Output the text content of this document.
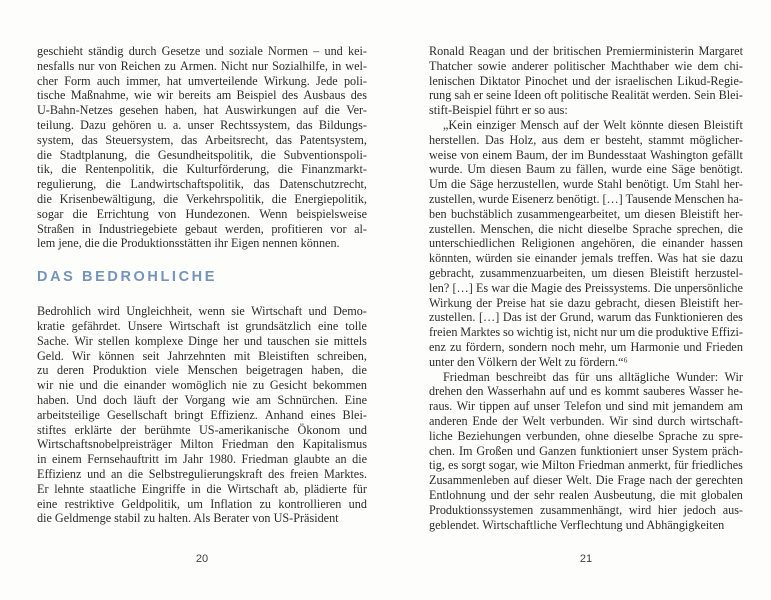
geschieht ständig durch Gesetze und soziale Normen – und kei-
nesfalls nur von Reichen zu Armen. Nicht nur Sozialhilfe, in wel-
cher Form auch immer, hat umverteilende Wirkung. Jede poli-
tische Maßnahme, wie wir bereits am Beispiel des Ausbaus des
U-Bahn-Netzes gesehen haben, hat Auswirkungen auf die Ver-
teilung. Dazu gehören u. a. unser Rechtssystem, das Bildungs-
system, das Steuersystem, das Arbeitsrecht, das Patentsystem,
die Stadtplanung, die Gesundheitspolitik, die Subventionspoli-
tik, die Rentenpolitik, die Kulturförderung, die Finanzmarkt-
regulierung, die Landwirtschaftspolitik, das Datenschutzrecht,
die Krisenbewältigung, die Verkehrspolitik, die Energiepolitik,
sogar die Errichtung von Hundezonen. Wenn beispielsweise
Straßen in Industriegebiete gebaut werden, profitieren vor al-
lem jene, die die Produktionsstätten ihr Eigen nennen können.
DAS BEDROHLICHE
Bedrohlich wird Ungleichheit, wenn sie Wirtschaft und Demo-
kratie gefährdet. Unsere Wirtschaft ist grundsätzlich eine tolle
Sache. Wir stellen komplexe Dinge her und tauschen sie mittels
Geld. Wir können seit Jahrzehnten mit Bleistiften schreiben,
zu deren Produktion viele Menschen beigetragen haben, die
wir nie und die einander womöglich nie zu Gesicht bekommen
haben. Und doch läuft der Vorgang wie am Schnürchen. Eine
arbeitsteilige Gesellschaft bringt Effizienz. Anhand eines Blei-
stiftes erklärte der berühmte US-amerikanische Ökonom und
Wirtschaftsnobelpreisträger Milton Friedman den Kapitalismus
in einem Fernsehauftritt im Jahr 1980. Friedman glaubte an die
Effizienz und an die Selbstregulierungskraft des freien Marktes.
Er lehnte staatliche Eingriffe in die Wirtschaft ab, plädierte für
eine restriktive Geldpolitik, um Inflation zu kontrollieren und
die Geldmenge stabil zu halten. Als Berater von US-Präsident
20
Ronald Reagan und der britischen Premierministerin Margaret
Thatcher sowie anderer politischer Machthaber wie dem chi-
lenischen Diktator Pinochet und der israelischen Likud-Regie-
rung sah er seine Ideen oft politische Realität werden. Sein Blei-
stift-Beispiel führt er so aus:
„Kein einziger Mensch auf der Welt könnte diesen Bleistift
herstellen. Das Holz, aus dem er besteht, stammt möglicher-
weise von einem Baum, der im Bundesstaat Washington gefällt
wurde. Um diesen Baum zu fällen, wurde eine Säge benötigt.
Um die Säge herzustellen, wurde Stahl benötigt. Um Stahl her-
zustellen, wurde Eisenerz benötigt. […] Tausende Menschen ha-
ben buchstäblich zusammengearbeitet, um diesen Bleistift her-
zustellen. Menschen, die nicht dieselbe Sprache sprechen, die
unterschiedlichen Religionen angehören, die einander hassen
könnten, würden sie einander jemals treffen. Was hat sie dazu
gebracht, zusammenzuarbeiten, um diesen Bleistift herzustel-
len? […] Es war die Magie des Preissystems. Die unpersönliche
Wirkung der Preise hat sie dazu gebracht, diesen Bleistift her-
zustellen. […] Das ist der Grund, warum das Funktionieren des
freien Marktes so wichtig ist, nicht nur um die produktive Effizi-
enz zu fördern, sondern noch mehr, um Harmonie und Frieden
unter den Völkern der Welt zu fördern.“⁶
Friedman beschreibt das für uns alltägliche Wunder: Wir
drehen den Wasserhahn auf und es kommt sauberes Wasser he-
raus. Wir tippen auf unser Telefon und sind mit jemandem am
anderen Ende der Welt verbunden. Wir sind durch wirtschaft-
liche Beziehungen verbunden, ohne dieselbe Sprache zu spre-
chen. Im Großen und Ganzen funktioniert unser System präch-
tig, es sorgt sogar, wie Milton Friedman anmerkt, für friedliches
Zusammenleben auf dieser Welt. Die Frage nach der gerechten
Entlohnung und der sehr realen Ausbeutung, die mit globalen
Produktionssystemen zusammenhängt, wird hier jedoch aus-
geblendet. Wirtschaftliche Verflechtung und Abhängigkeiten
21
